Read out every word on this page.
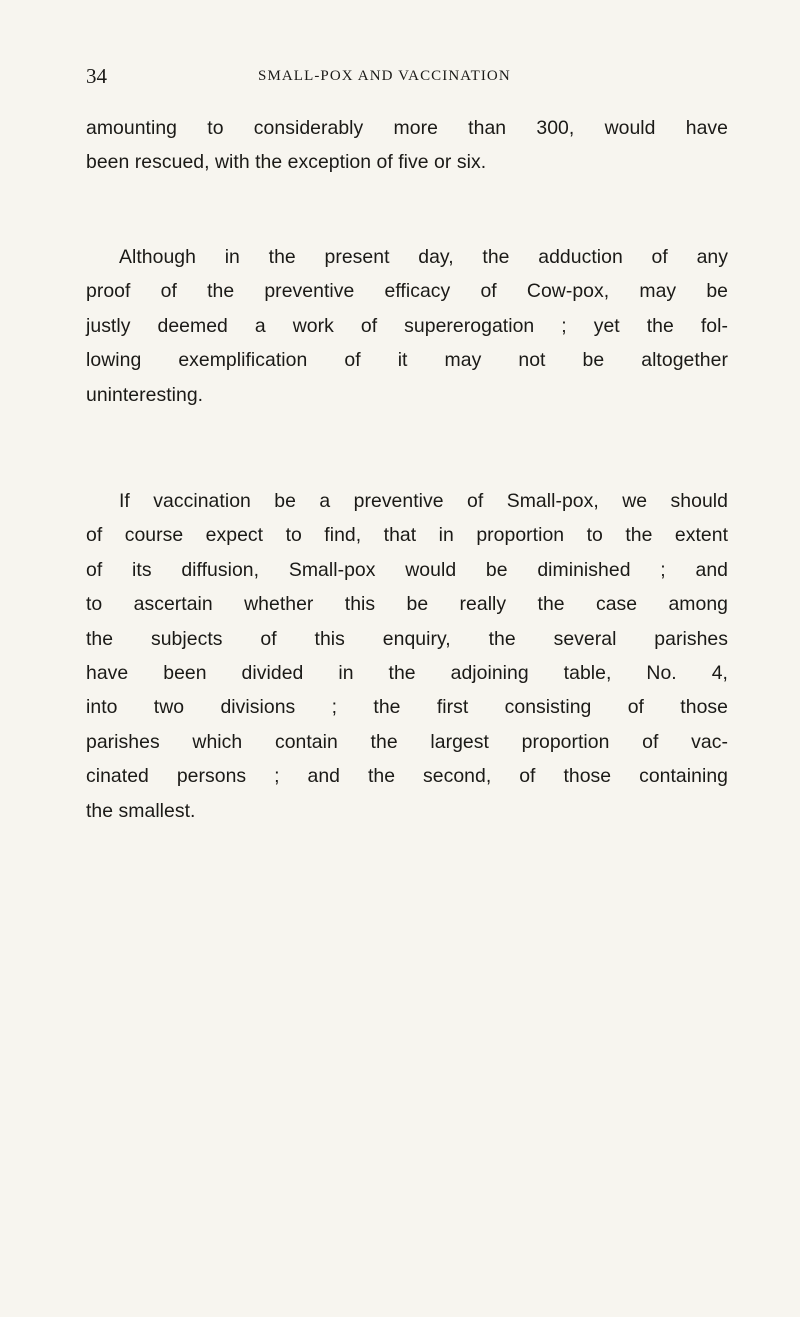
34	SMALL-POX AND VACCINATION
amounting to considerably more than 300, would have
been rescued, with the exception of five or six.
Although in the present day, the adduction of any
proof of the preventive efficacy of Cow-pox, may be
justly deemed a work of supererogation ; yet the fol-
lowing exemplification of it may not be altogether
uninteresting.
If vaccination be a preventive of Small-pox, we should
of course expect to find, that in proportion to the extent
of its diffusion, Small-pox would be diminished ; and
to ascertain whether this be really the case among
the subjects of this enquiry, the several parishes
have been divided in the adjoining table, No. 4,
into two divisions ; the first consisting of those
parishes which contain the largest proportion of vac-
cinated persons ; and the second, of those containing
the smallest.
